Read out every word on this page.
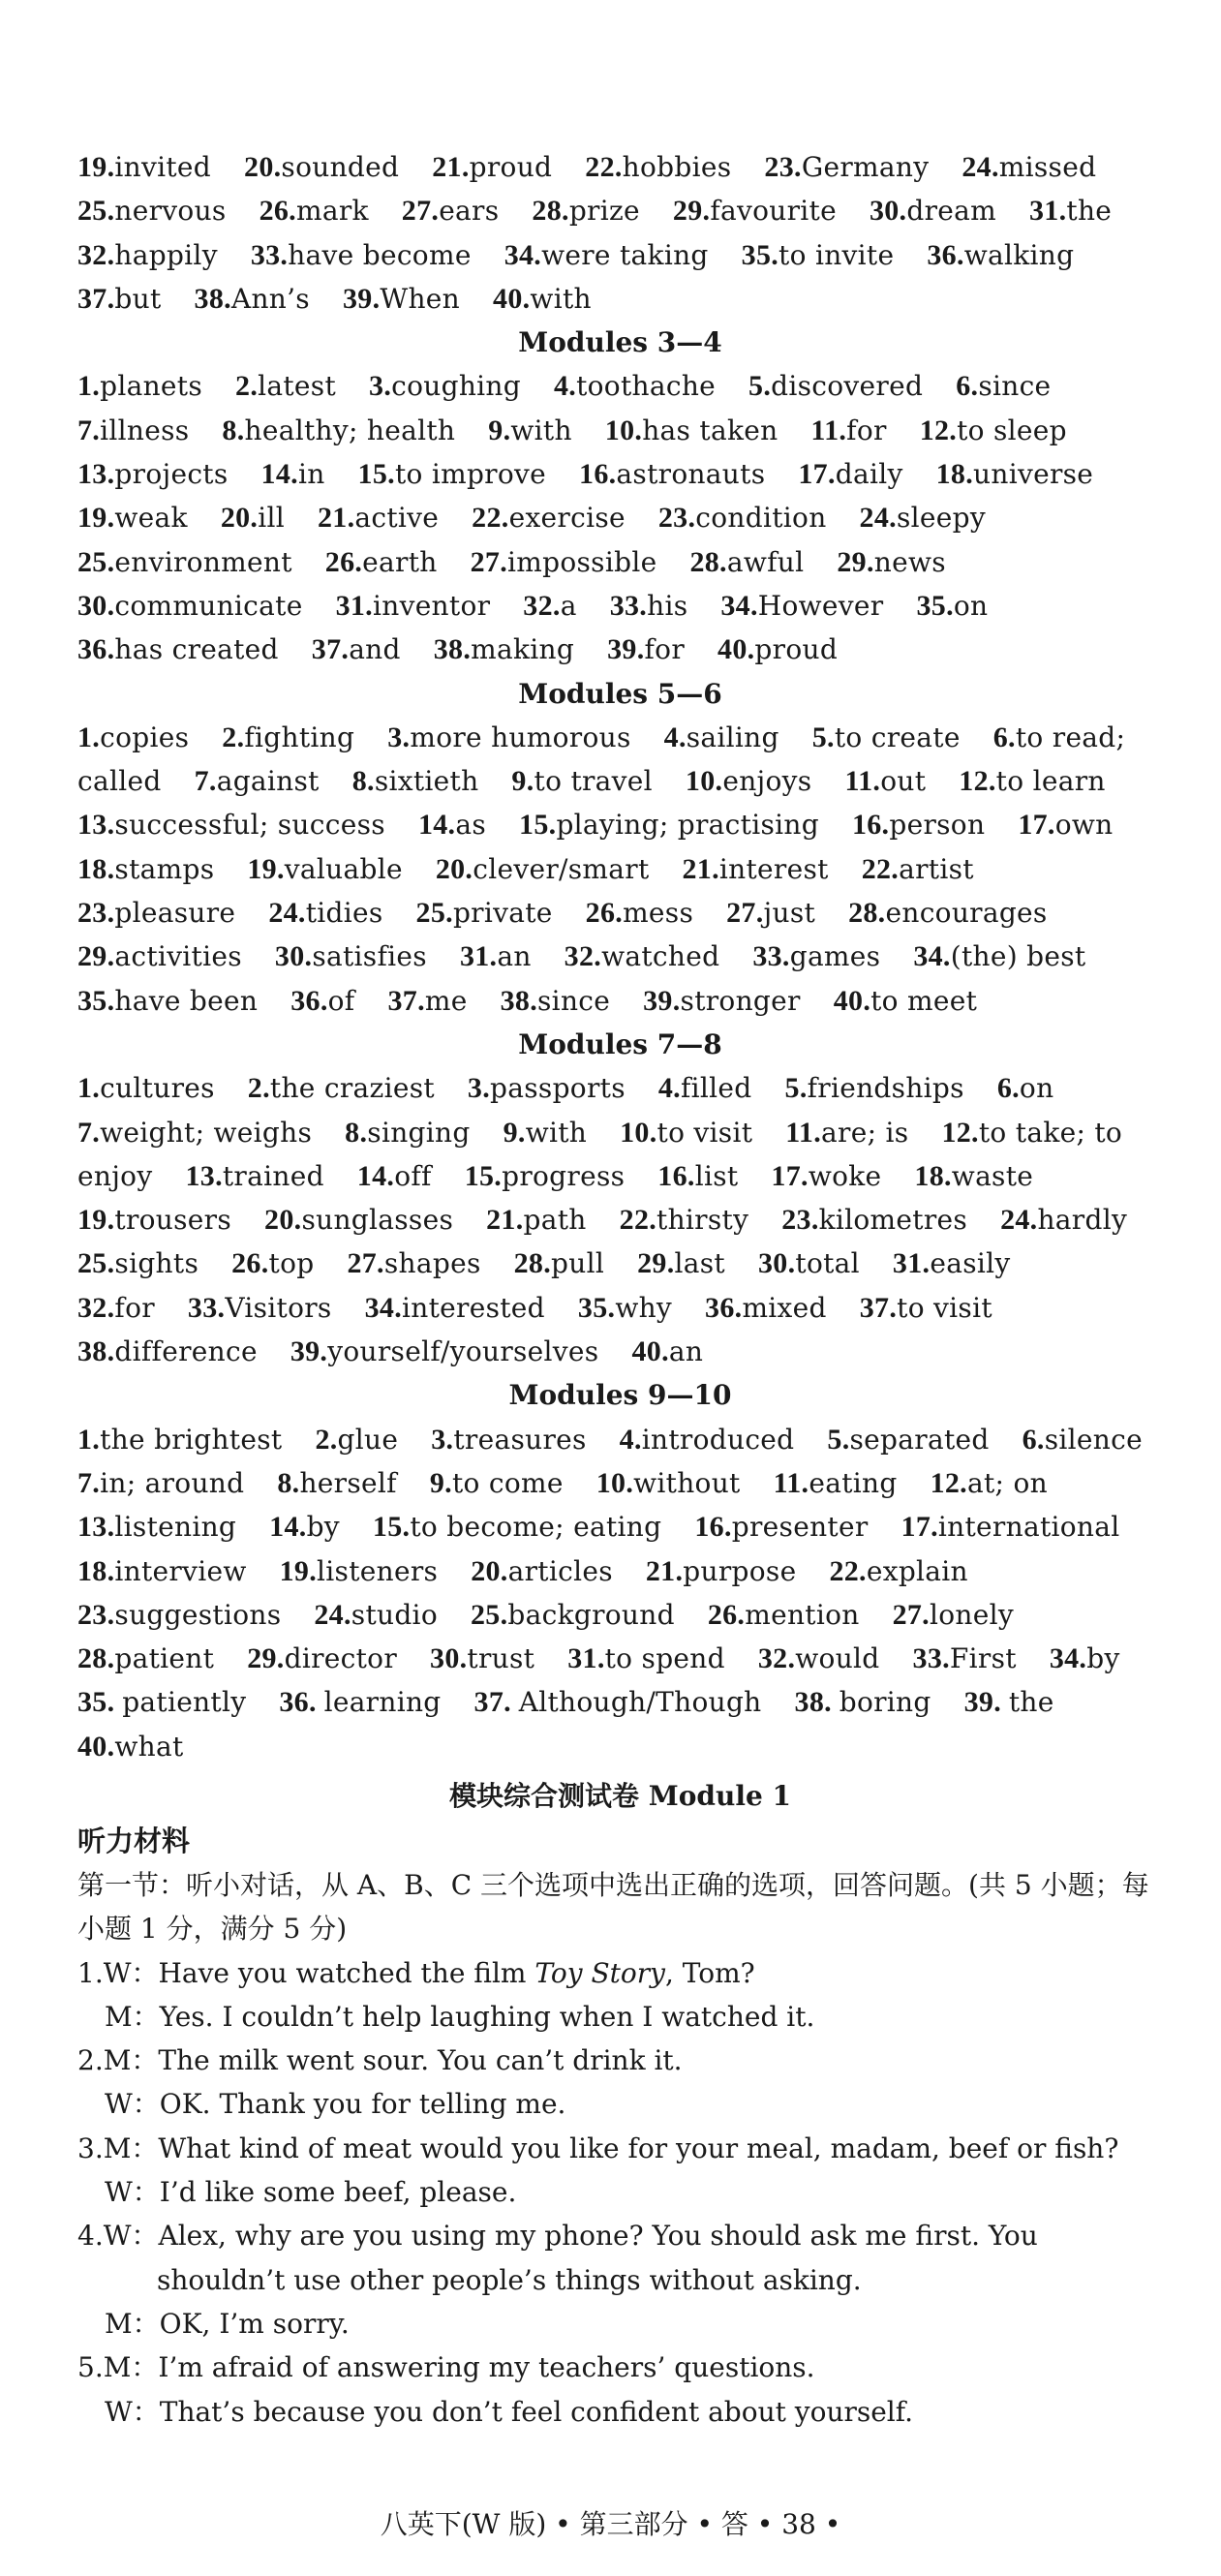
19.invited 20.sounded 21.proud 22.hobbies 23.Germany 24.missed
25.nervous 26.mark 27.ears 28.prize 29.favourite 30.dream 31.the
32.happily 33.have become 34.were taking 35.to invite 36.walking
37.but 38.Ann’s 39.When 40.with
Modules 3—4
1.planets 2.latest 3.coughing 4.toothache 5.discovered 6.since
7.illness 8.healthy; health 9.with 10.has taken 11.for 12.to sleep
13.projects 14.in 15.to improve 16.astronauts 17.daily 18.universe
19.weak 20.ill 21.active 22.exercise 23.condition 24.sleepy
25.environment 26.earth 27.impossible 28.awful 29.news
30.communicate 31.inventor 32.a 33.his 34.However 35.on
36.has created 37.and 38.making 39.for 40.proud
Modules 5—6
1.copies 2.fighting 3.more humorous 4.sailing 5.to create 6.to read;
called 7.against 8.sixtieth 9.to travel 10.enjoys 11.out 12.to learn
13.successful; success 14.as 15.playing; practising 16.person 17.own
18.stamps 19.valuable 20.clever/smart 21.interest 22.artist
23.pleasure 24.tidies 25.private 26.mess 27.just 28.encourages
29.activities 30.satisfies 31.an 32.watched 33.games 34.(the) best
35.have been 36.of 37.me 38.since 39.stronger 40.to meet
Modules 7—8
1.cultures 2.the craziest 3.passports 4.filled 5.friendships 6.on
7.weight; weighs 8.singing 9.with 10.to visit 11.are; is 12.to take; to
enjoy 13.trained 14.off 15.progress 16.list 17.woke 18.waste
19.trousers 20.sunglasses 21.path 22.thirsty 23.kilometres 24.hardly
25.sights 26.top 27.shapes 28.pull 29.last 30.total 31.easily
32.for 33.Visitors 34.interested 35.why 36.mixed 37.to visit
38.difference 39.yourself/yourselves 40.an
Modules 9—10
1.the brightest 2.glue 3.treasures 4.introduced 5.separated 6.silence
7.in; around 8.herself 9.to come 10.without 11.eating 12.at; on
13.listening 14.by 15.to become; eating 16.presenter 17.international
18.interview 19.listeners 20.articles 21.purpose 22.explain
23.suggestions 24.studio 25.background 26.mention 27.lonely
28.patient 29.director 30.trust 31.to spend 32.would 33.First 34.by
35. patiently 36. learning 37. Although/Though 38. boring 39. the
40.what
模块综合测试卷 Module 1
听力材料
第一节：听小对话，从 A、B、C 三个选项中选出正确的选项，回答问题。(共 5 小题；每小题 1 分，满分 5 分)
1.W：Have you watched the film Toy Story, Tom?
M：Yes. I couldn’t help laughing when I watched it.
2.M：The milk went sour. You can’t drink it.
W：OK. Thank you for telling me.
3.M：What kind of meat would you like for your meal, madam, beef or fish?
W：I’d like some beef, please.
4.W：Alex, why are you using my phone? You should ask me first. You
shouldn’t use other people’s things without asking.
M：OK, I’m sorry.
5.M：I’m afraid of answering my teachers’ questions.
W：That’s because you don’t feel confident about yourself.
八英下(W 版) • 第三部分 • 答 • 38 •
